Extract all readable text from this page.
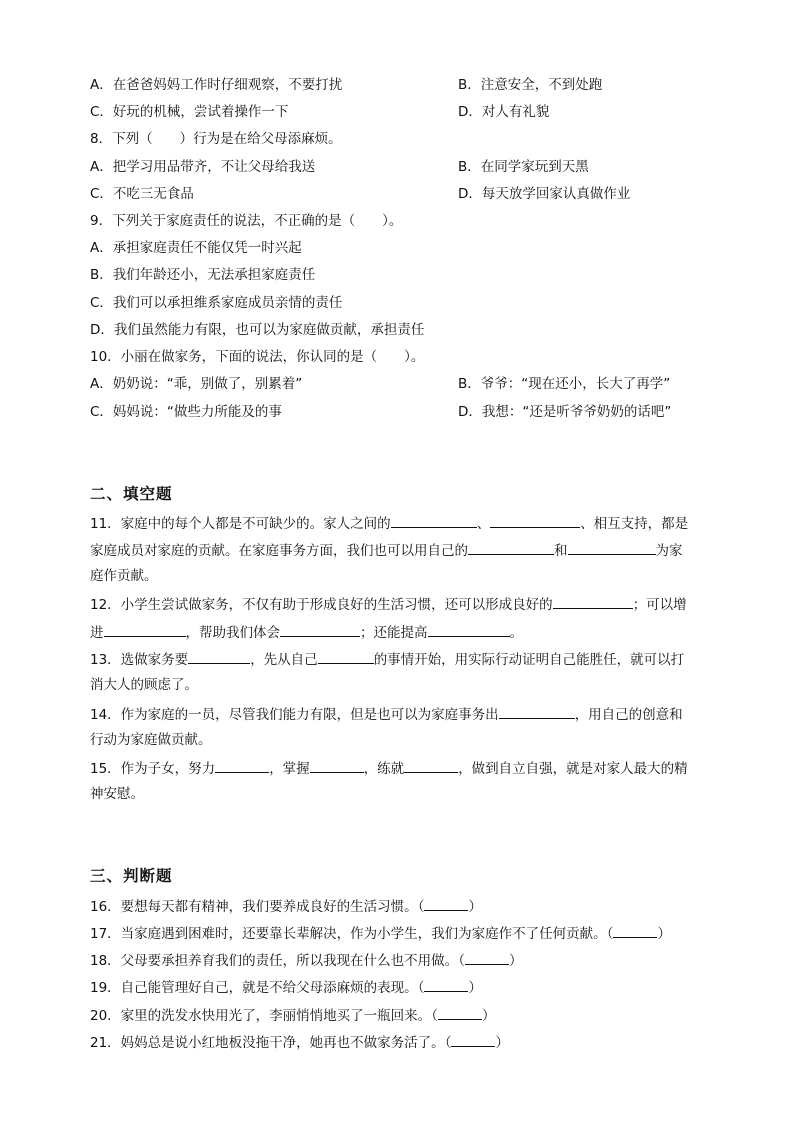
A．在爸爸妈妈工作时仔细观察，不要打扰	B．注意安全，不到处跑
C．好玩的机械，尝试着操作一下	D．对人有礼貌
8．下列（　　）行为是在给父母添麻烦。
A．把学习用品带齐，不让父母给我送	B．在同学家玩到天黑
C．不吃三无食品	D．每天放学回家认真做作业
9．下列关于家庭责任的说法，不正确的是（　　）。
A．承担家庭责任不能仅凭一时兴起
B．我们年龄还小，无法承担家庭责任
C．我们可以承担维系家庭成员亲情的责任
D．我们虽然能力有限，也可以为家庭做贡献，承担责任
10．小丽在做家务，下面的说法，你认同的是（　　）。
A．奶奶说：“乖，别做了，别累着”	B．爷爷：“现在还小，长大了再学”
C．妈妈说：“做些力所能及的事	D．我想：“还是听爷爷奶奶的话吧”
二、填空题
11．家庭中的每个人都是不可缺少的。家人之间的	、	、相互支持，都是
家庭成员对家庭的贡献。在家庭事务方面，我们也可以用自己的	和	为家
庭作贡献。
12．小学生尝试做家务，不仅有助于形成良好的生活习惯，还可以形成良好的	；可以增
进	，帮助我们体会	；还能提高	。
13．选做家务要	，先从自己	的事情开始，用实际行动证明自己能胜任，就可以打
消大人的顾虑了。
14．作为家庭的一员，尽管我们能力有限，但是也可以为家庭事务出	，用自己的创意和
行动为家庭做贡献。
15．作为子女，努力	，掌握	，练就	，做到自立自强，就是对家人最大的精
神安慰。
三、判断题
16．要想每天都有精神，我们要养成良好的生活习惯。（	）
17．当家庭遇到困难时，还要靠长辈解决，作为小学生，我们为家庭作不了任何贡献。（	）
18．父母要承担养育我们的责任，所以我现在什么也不用做。（	）
19．自己能管理好自己，就是不给父母添麻烦的表现。（	）
20．家里的洗发水快用光了，李丽悄悄地买了一瓶回来。（	）
21．妈妈总是说小红地板没拖干净，她再也不做家务活了。（	）
